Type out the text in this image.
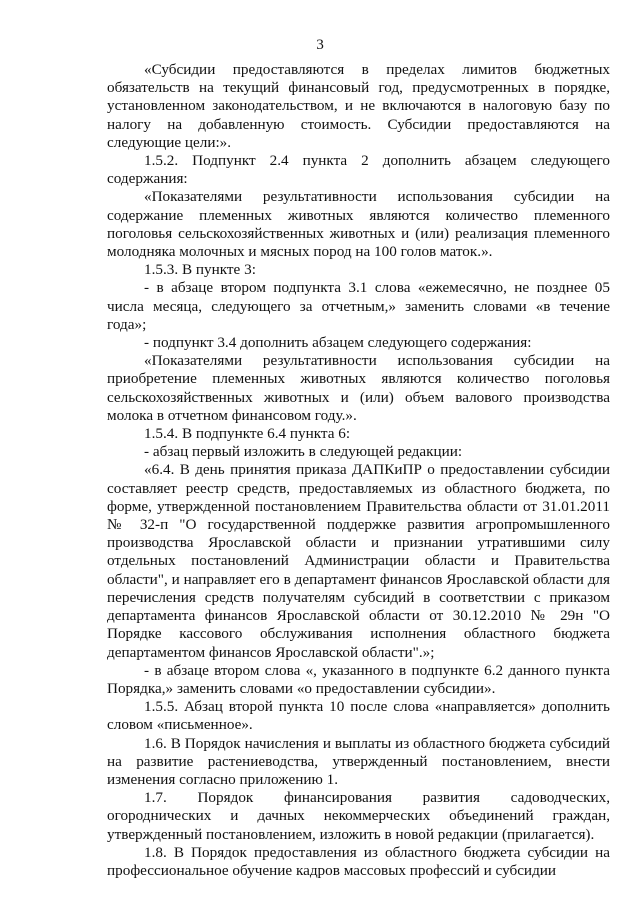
3

«Субсидии предоставляются в пределах лимитов бюджетных обязательств на текущий финансовый год, предусмотренных в порядке, установленном законодательством, и не включаются в налоговую базу по налогу на добавленную стоимость. Субсидии предоставляются на следующие цели:».

1.5.2. Подпункт 2.4 пункта 2 дополнить абзацем следующего содержания:

«Показателями результативности использования субсидии на содержание племенных животных являются количество племенного поголовья сельскохозяйственных животных и (или) реализация племенного молодняка молочных и мясных пород на 100 голов маток.».

1.5.3. В пункте 3:

- в абзаце втором подпункта 3.1 слова «ежемесячно, не позднее 05 числа месяца, следующего за отчетным,» заменить словами «в течение года»;

- подпункт 3.4 дополнить абзацем следующего содержания:

«Показателями результативности использования субсидии на приобретение племенных животных являются количество поголовья сельскохозяйственных животных и (или) объем валового производства молока в отчетном финансовом году.».

1.5.4. В подпункте 6.4 пункта 6:

- абзац первый изложить в следующей редакции:

«6.4. В день принятия приказа ДАПКиПР о предоставлении субсидии составляет реестр средств, предоставляемых из областного бюджета, по форме, утвержденной постановлением Правительства области от 31.01.2011 № 32-п "О государственной поддержке развития агропромышленного производства Ярославской области и признании утратившими силу отдельных постановлений Администрации области и Правительства области", и направляет его в департамент финансов Ярославской области для перечисления средств получателям субсидий в соответствии с приказом департамента финансов Ярославской области от 30.12.2010 № 29н "О Порядке кассового обслуживания исполнения областного бюджета департаментом финансов Ярославской области".»;

- в абзаце втором слова «, указанного в подпункте 6.2 данного пункта Порядка,» заменить словами «о предоставлении субсидии».

1.5.5. Абзац второй пункта 10 после слова «направляется» дополнить словом «письменное».

1.6. В Порядок начисления и выплаты из областного бюджета субсидий на развитие растениеводства, утвержденный постановлением, внести изменения согласно приложению 1.

1.7. Порядок финансирования развития садоводческих, огороднических и дачных некоммерческих объединений граждан, утвержденный постановлением, изложить в новой редакции (прилагается).

1.8. В Порядок предоставления из областного бюджета субсидии на профессиональное обучение кадров массовых профессий и субсидии
